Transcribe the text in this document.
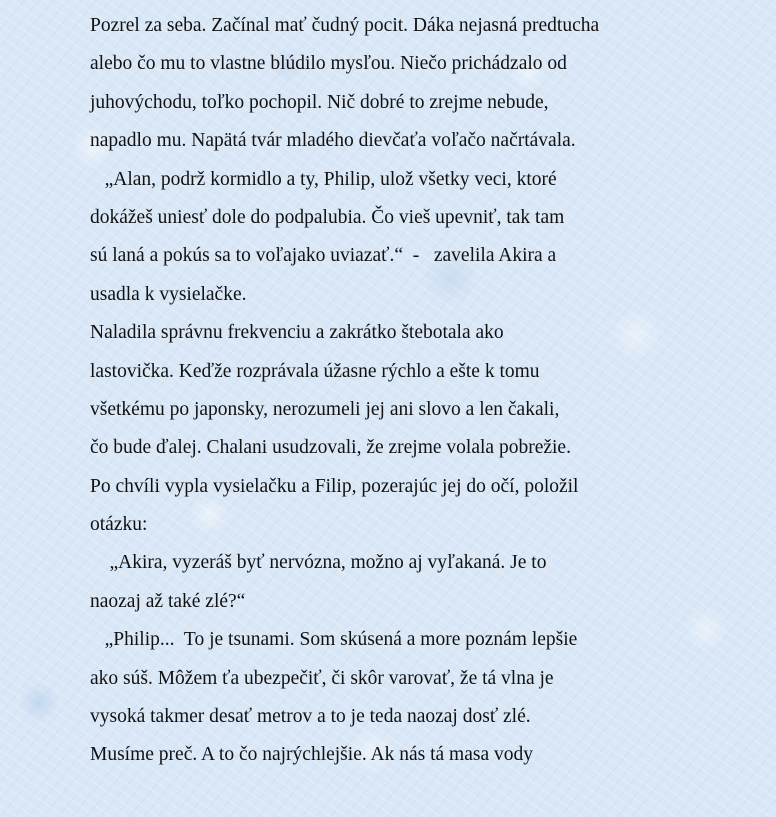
Pozrel za seba. Začínal mať čudný pocit. Dáka nejasná predtucha
alebo čo mu to vlastne blúdilo mysľou. Niečo prichádzalo od
juhovýchodu, toľko pochopil. Nič dobré to zrejme nebude,
napadlo mu. Napätá tvár mladého dievčaťa voľačo načrtávala.
„Alan, podrž kormidlo a ty, Philip, ulož všetky veci, ktoré
dokážeš uniesť dole do podpalubia. Čo vieš upevniť, tak tam
sú laná a pokús sa to voľajako uviazať.“  -   zavelila Akira a
usadla k vysielačke.
Naladila správnu frekvenciu a zakrátko štebotala ako
lastovička. Keďže rozprávala úžasne rýchlo a ešte k tomu
všetkému po japonsky, nerozumeli jej ani slovo a len čakali,
čo bude ďalej. Chalani usudzovali, že zrejme volala pobrežie.
Po chvíli vypla vysielačku a Filip, pozerajúc jej do očí, položil
otázku:
„Akira, vyzeráš byť nervózna, možno aj vyľakaná. Je to
naozaj až také zlé?“
„Philip...  To je tsunami. Som skúsená a more poznám lepšie
ako súš. Môžem ťa ubezpečiť, či skôr varovať, že tá vlna je
vysoká takmer desať metrov a to je teda naozaj dosť zlé.
Musíme preč. A to čo najrýchlejšie. Ak nás tá masa vody
